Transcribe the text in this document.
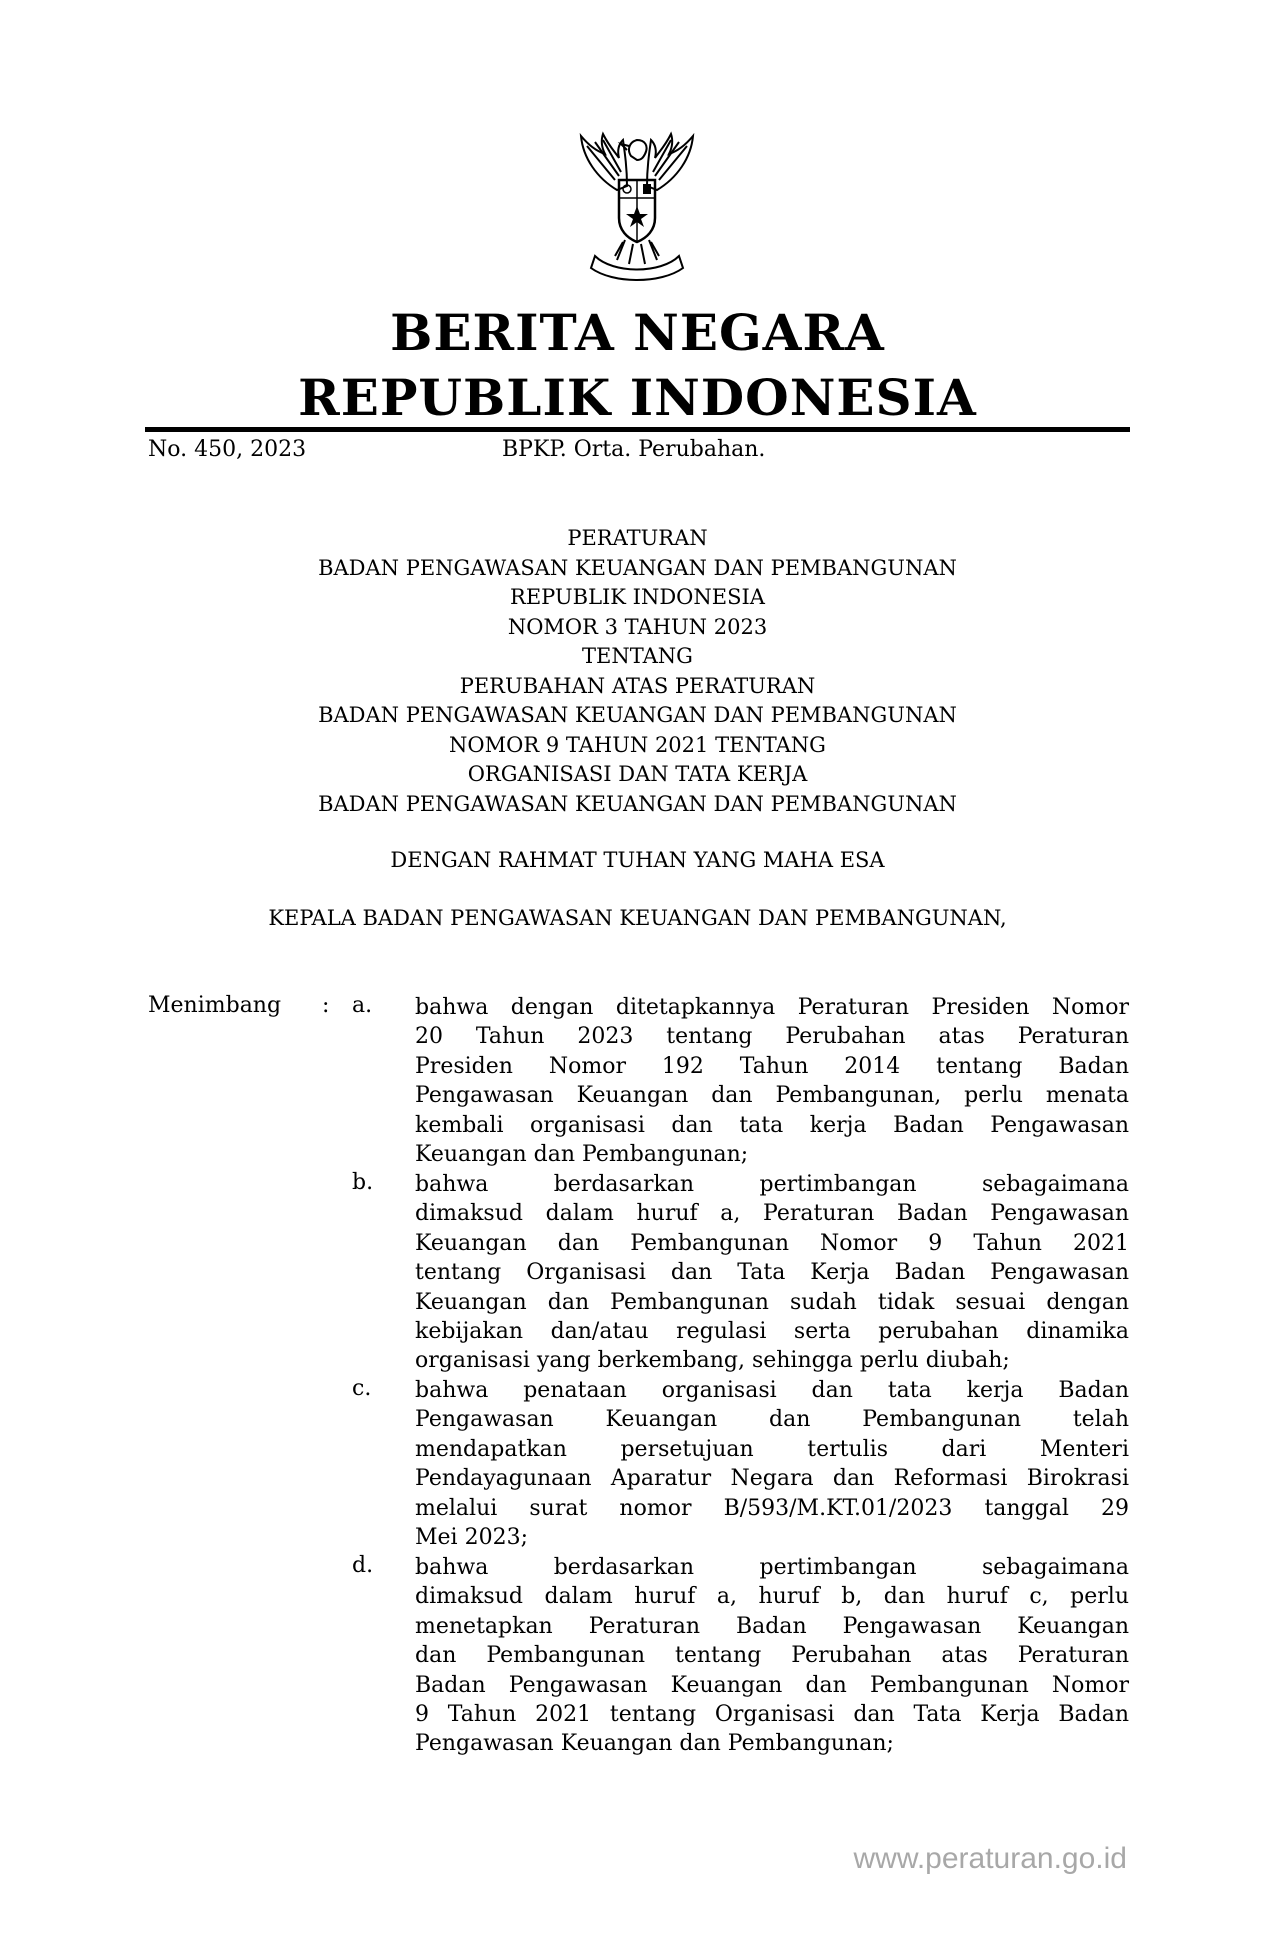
BERITA NEGARA
REPUBLIK INDONESIA
No. 450, 2023	BPKP. Orta. Perubahan.
PERATURAN
BADAN PENGAWASAN KEUANGAN DAN PEMBANGUNAN
REPUBLIK INDONESIA
NOMOR 3 TAHUN 2023
TENTANG
PERUBAHAN ATAS PERATURAN
BADAN PENGAWASAN KEUANGAN DAN PEMBANGUNAN
NOMOR 9 TAHUN 2021 TENTANG
ORGANISASI DAN TATA KERJA
BADAN PENGAWASAN KEUANGAN DAN PEMBANGUNAN
DENGAN RAHMAT TUHAN YANG MAHA ESA
KEPALA BADAN PENGAWASAN KEUANGAN DAN PEMBANGUNAN,
Menimbang : a. bahwa dengan ditetapkannya Peraturan Presiden Nomor
20 Tahun 2023 tentang Perubahan atas Peraturan
Presiden Nomor 192 Tahun 2014 tentang Badan
Pengawasan Keuangan dan Pembangunan, perlu menata
kembali organisasi dan tata kerja Badan Pengawasan
Keuangan dan Pembangunan;
b. bahwa berdasarkan pertimbangan sebagaimana
dimaksud dalam huruf a, Peraturan Badan Pengawasan
Keuangan dan Pembangunan Nomor 9 Tahun 2021
tentang Organisasi dan Tata Kerja Badan Pengawasan
Keuangan dan Pembangunan sudah tidak sesuai dengan
kebijakan dan/atau regulasi serta perubahan dinamika
organisasi yang berkembang, sehingga perlu diubah;
c. bahwa penataan organisasi dan tata kerja Badan
Pengawasan Keuangan dan Pembangunan telah
mendapatkan persetujuan tertulis dari Menteri
Pendayagunaan Aparatur Negara dan Reformasi Birokrasi
melalui surat nomor B/593/M.KT.01/2023 tanggal 29
Mei 2023;
d. bahwa berdasarkan pertimbangan sebagaimana
dimaksud dalam huruf a, huruf b, dan huruf c, perlu
menetapkan Peraturan Badan Pengawasan Keuangan
dan Pembangunan tentang Perubahan atas Peraturan
Badan Pengawasan Keuangan dan Pembangunan Nomor
9 Tahun 2021 tentang Organisasi dan Tata Kerja Badan
Pengawasan Keuangan dan Pembangunan;
www.peraturan.go.id
